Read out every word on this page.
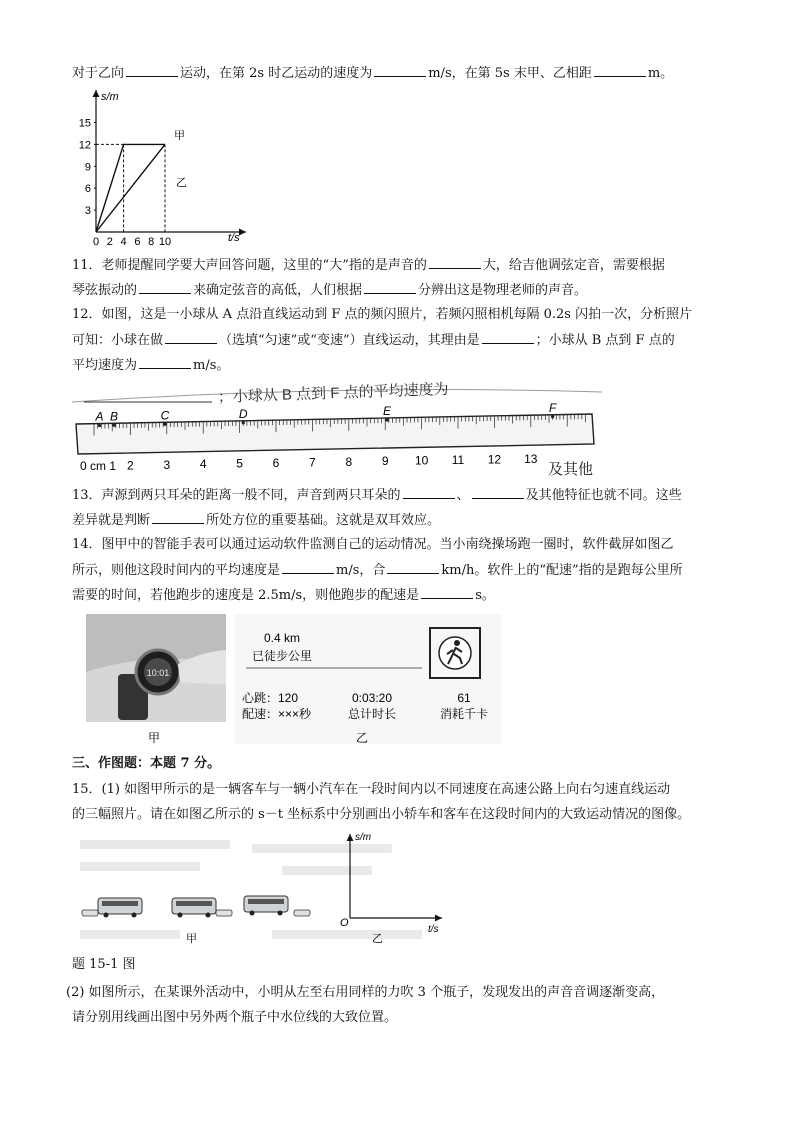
对于乙向	运动，在第 2s 时乙运动的速度为	m/s，在第 5s 末甲、乙相距	m。
s/m
t/s
15
12
9
6
3
0 2 4 6 8 10
甲
乙
11．老师提醒同学要大声回答问题，这里的“大”指的是声音的	大，给吉他调弦定音，需要根据
琴弦振动的	来确定弦音的高低，人们根据	分辨出这是物理老师的声音。
12．如图，这是一小球从 A 点沿直线运动到 F 点的频闪照片，若频闪照相机每隔 0.2s 闪拍一次，分析照片
可知：小球在做	（选填“匀速”或“变速”）直线运动，其理由是	；小球从 B 点到 F 点的
平均速度为	m/s。
；小球从 B 点到 F 点的平均速度为
A B	C	D	E	F
0 cm 1 2 3 4 5 6 7 8 9 10 11 12 13
及其他
13．声源到两只耳朵的距离一般不同，声音到两只耳朵的	、	及其他特征也就不同。这些
差异就是判断	所处方位的重要基础。这就是双耳效应。
14．图甲中的智能手表可以通过运动软件监测自己的运动情况。当小南绕操场跑一圈时，软件截屏如图乙
所示，则他这段时间内的平均速度是	m/s，合	km/h。软件上的“配速”指的是跑每公里所
需要的时间，若他跑步的速度是 2.5m/s，则他跑步的配速是	s。
10:01
甲
0.4 km
已徒步公里
心跳：120
配速：×××秒
0:03:20
总计时长
61
消耗千卡
乙
三、作图题：本题 7 分。
15．(1) 如图甲所示的是一辆客车与一辆小汽车在一段时间内以不同速度在高速公路上向右匀速直线运动
的三幅照片。请在如图乙所示的 s－t 坐标系中分别画出小轿车和客车在这段时间内的大致运动情况的图像。
甲
s/m
t/s
O
乙
题 15-1 图
(2) 如图所示，在某课外活动中，小明从左至右用同样的力吹 3 个瓶子，发现发出的声音音调逐渐变高，
请分别用线画出图中另外两个瓶子中水位线的大致位置。
